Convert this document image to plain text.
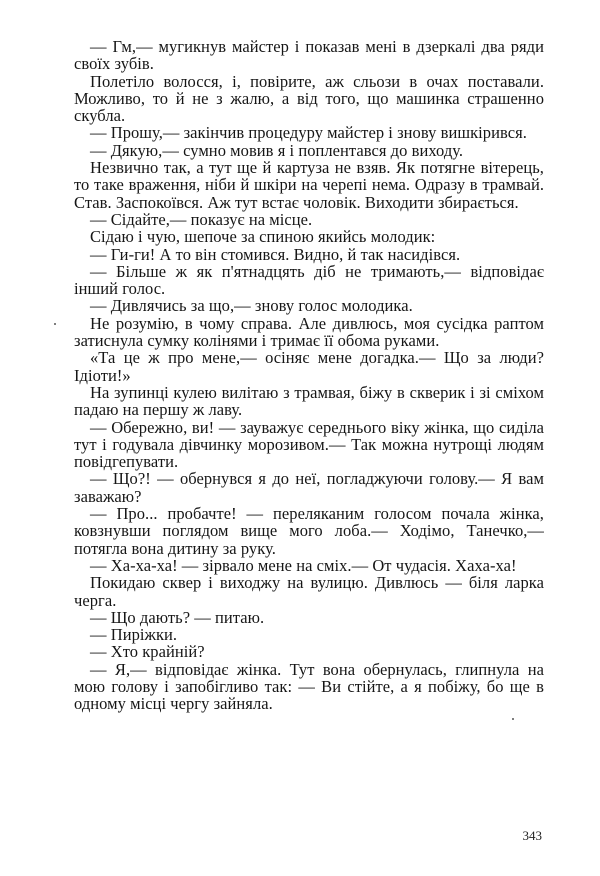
— Гм,— мугикнув майстер і показав мені в дзеркалі два ряди своїх зубів.

Полетіло волосся, і, повірите, аж сльози в очах поставали. Можливо, то й не з жалю, а від того, що машинка страшенно скубла.

— Прошу,— закінчив процедуру майстер і знову вишкірився.

— Дякую,— сумно мовив я і поплентався до виходу.

Незвично так, а тут ще й картуза не взяв. Як потягне вітерець, то таке враження, ніби й шкіри на черепі нема. Одразу в трамвай. Став. Заспокоївся. Аж тут встає чоловік. Виходити збирається.

— Сідайте,— показує на місце.

Сідаю і чую, шепоче за спиною якийсь молодик:

— Ги-ги! А то він стомився. Видно, й так насидівся.

— Більше ж як п'ятнадцять діб не тримають,— відповідає інший голос.

— Дивлячись за що,— знову голос молодика.

Не розумію, в чому справа. Але дивлюсь, моя сусідка раптом затиснула сумку колінями і тримає її обома руками.

«Та це ж про мене,— осіняє мене догадка.— Що за люди? Ідіоти!»

На зупинці кулею вилітаю з трамвая, біжу в скверик і зі сміхом падаю на першу ж лаву.

— Обережно, ви! — зауважує середнього віку жінка, що сиділа тут і годувала дівчинку морозивом.— Так можна нутрощі людям повідгепувати.

— Що?! — обернувся я до неї, погладжуючи голову.— Я вам заважаю?

— Про... пробачте! — переляканим голосом почала жінка, ковзнувши поглядом вище мого лоба.— Ходімо, Танечко,— потягла вона дитину за руку.

— Ха-ха-ха! — зірвало мене на сміх.— От чудасія. Хаха-ха!

Покидаю сквер і виходжу на вулицю. Дивлюсь — біля ларка черга.

— Що дають? — питаю.

— Пиріжки.

— Хто крайній?

— Я,— відповідає жінка. Тут вона обернулась, глипнула на мою голову і запобігливо так: — Ви стійте, а я побіжу, бо ще в одному місці чергу зайняла.

343
